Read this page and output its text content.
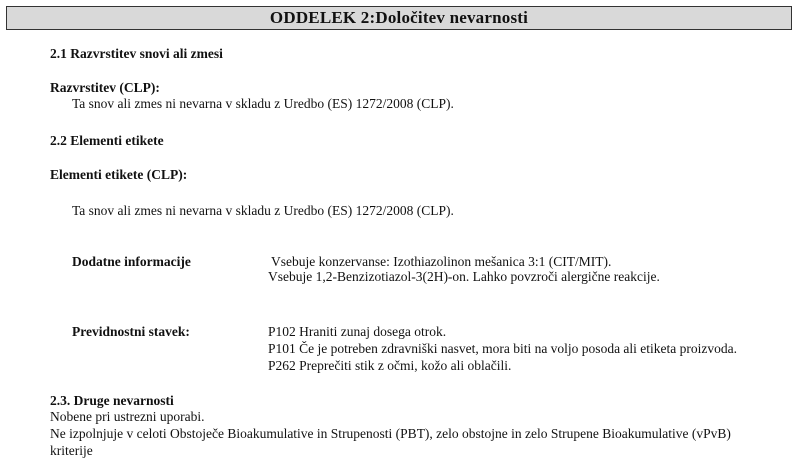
ODDELEK 2:Določitev nevarnosti
2.1 Razvrstitev snovi ali zmesi
Razvrstitev (CLP):
Ta snov ali zmes ni nevarna v skladu z Uredbo (ES) 1272/2008 (CLP).
2.2 Elementi etikete
Elementi etikete (CLP):
Ta snov ali zmes ni nevarna v skladu z Uredbo (ES) 1272/2008 (CLP).
Dodatne informacije	Vsebuje konzervanse: Izothiazolinon mešanica 3:1 (CIT/MIT).
Vsebuje 1,2-Benzizotiazol-3(2H)-on. Lahko povzroči alergične reakcije.
Previdnostni stavek:	P102 Hraniti zunaj dosega otrok.
P101 Če je potreben zdravniški nasvet, mora biti na voljo posoda ali etiketa proizvoda.
P262 Preprečiti stik z očmi, kožo ali oblačili.
2.3. Druge nevarnosti
Nobene pri ustrezni uporabi.
Ne izpolnjuje v celoti Obstoječe Bioakumulative in Strupenosti (PBT), zelo obstojne in zelo Strupene Bioakumulative (vPvB)
kriterije
